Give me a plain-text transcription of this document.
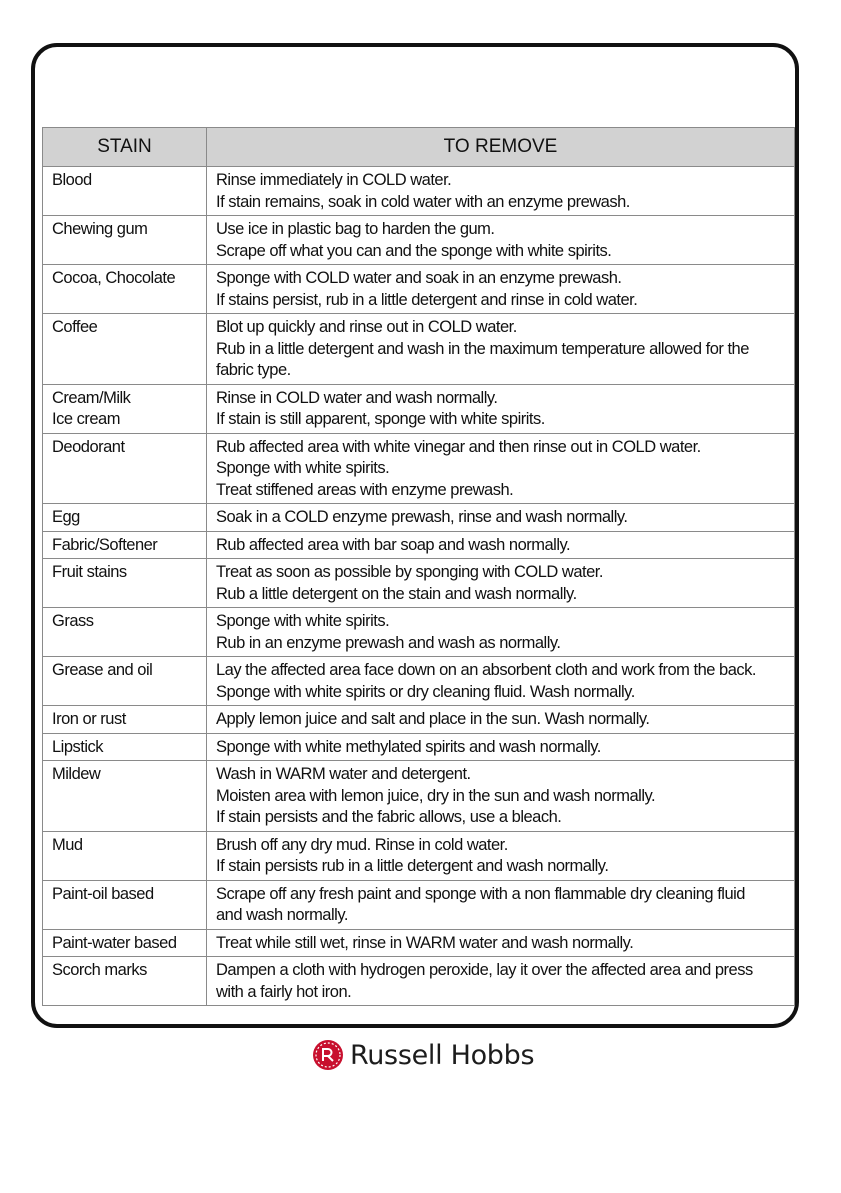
STAIN	TO REMOVE

Blood	Rinse immediately in COLD water.
If stain remains, soak in cold water with an enzyme prewash.

Chewing gum	Use ice in plastic bag to harden the gum.
Scrape off what you can and the sponge with white spirits.

Cocoa, Chocolate	Sponge with COLD water and soak in an enzyme prewash.
If stains persist, rub in a little detergent and rinse in cold water.

Coffee	Blot up quickly and rinse out in COLD water.
Rub in a little detergent and wash in the maximum temperature allowed for the
fabric type.

Cream/Milk
Ice cream	Rinse in COLD water and wash normally.
If stain is still apparent, sponge with white spirits.

Deodorant	Rub affected area with white vinegar and then rinse out in COLD water.
Sponge with white spirits.
Treat stiffened areas with enzyme prewash.

Egg	Soak in a COLD enzyme prewash, rinse and wash normally.

Fabric/Softener	Rub affected area with bar soap and wash normally.

Fruit stains	Treat as soon as possible by sponging with COLD water.
Rub a little detergent on the stain and wash normally.

Grass	Sponge with white spirits.
Rub in an enzyme prewash and wash as normally.

Grease and oil	Lay the affected area face down on an absorbent cloth and work from the back.
Sponge with white spirits or dry cleaning fluid. Wash normally.

Iron or rust	Apply lemon juice and salt and place in the sun. Wash normally.

Lipstick	Sponge with white methylated spirits and wash normally.

Mildew	Wash in WARM water and detergent.
Moisten area with lemon juice, dry in the sun and wash normally.
If stain persists and the fabric allows, use a bleach.

Mud	Brush off any dry mud. Rinse in cold water.
If stain persists rub in a little detergent and wash normally.

Paint-oil based	Scrape off any fresh paint and sponge with a non flammable dry cleaning fluid
and wash normally.

Paint-water based	Treat while still wet, rinse in WARM water and wash normally.

Scorch marks	Dampen a cloth with hydrogen peroxide, lay it over the affected area and press
with a fairly hot iron.
Russell Hobbs
